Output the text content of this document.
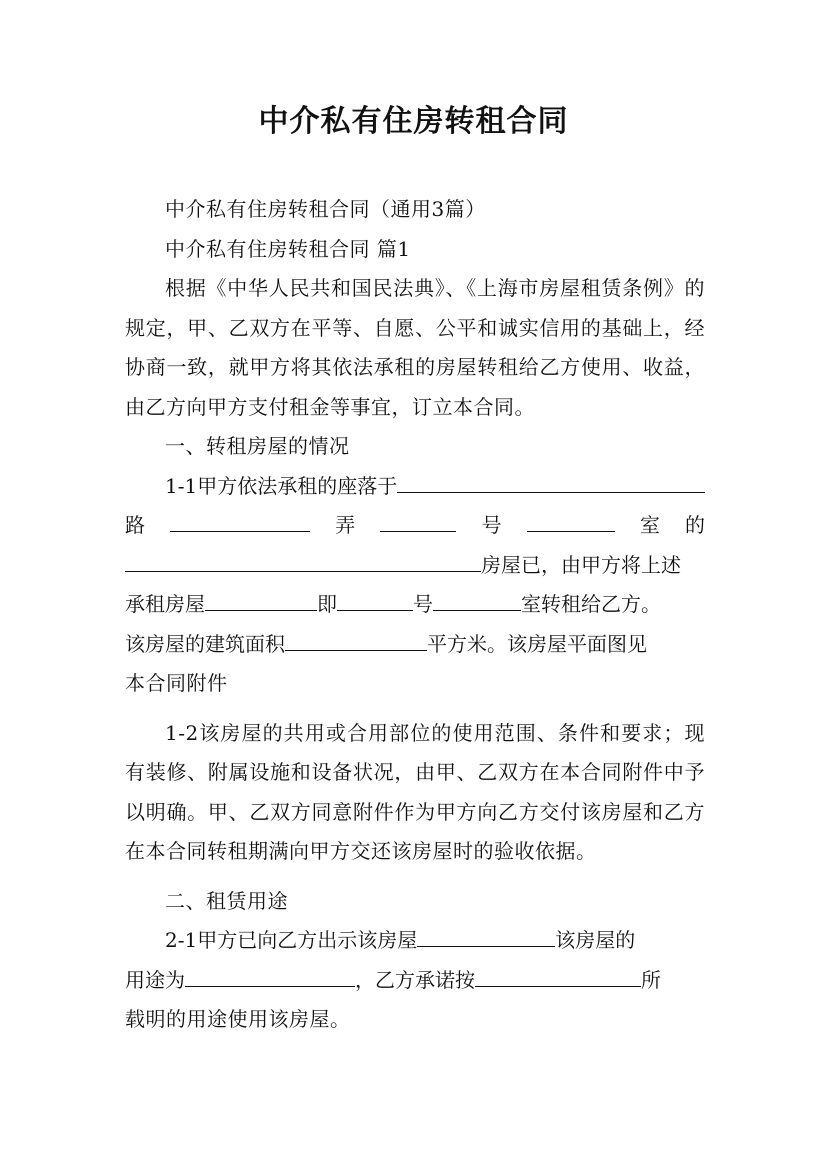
中介私有住房转租合同

中介私有住房转租合同（通用3篇）

中介私有住房转租合同 篇1

根据《中华人民共和国民法典》、《上海市房屋租赁条例》的规定，甲、乙双方在平等、自愿、公平和诚实信用的基础上，经协商一致，就甲方将其依法承租的房屋转租给乙方使用、收益，由乙方向甲方支付租金等事宜，订立本合同。

一、转租房屋的情况

1-1甲方依法承租的座落于
路	弄	号	室 的
房屋已，由甲方将上述
承租房屋	即	号	室转租给乙方。
该房屋的建筑面积	平方米。该房屋平面图见

本合同附件

1-2该房屋的共用或合用部位的使用范围、条件和要求；现有装修、附属设施和设备状况，由甲、乙双方在本合同附件中予以明确。甲、乙双方同意附件作为甲方向乙方交付该房屋和乙方在本合同转租期满向甲方交还该房屋时的验收依据。

二、租赁用途

2-1甲方已向乙方出示该房屋	该房屋的
用途为	，乙方承诺按	所

载明的用途使用该房屋。
